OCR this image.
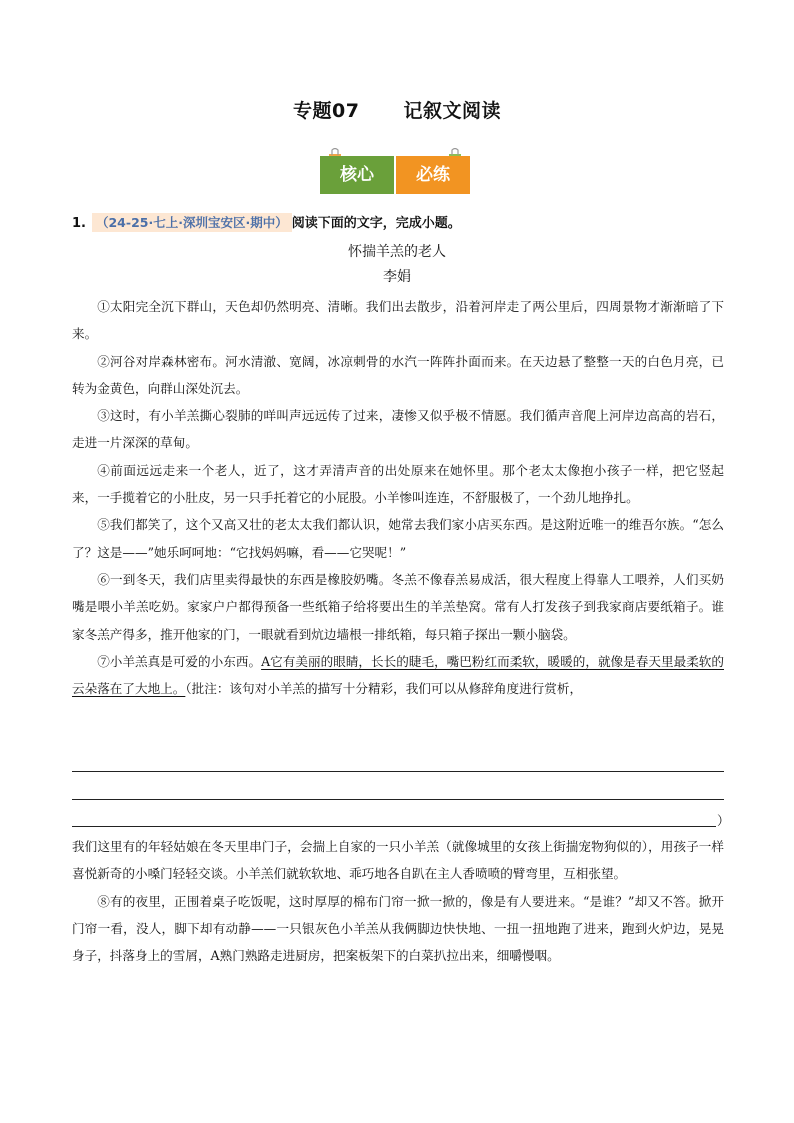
专题07 记叙文阅读
核心	必练
1. （24-25·七上·深圳宝安区·期中） 阅读下面的文字，完成小题。
怀揣羊羔的老人
李娟

①太阳完全沉下群山，天色却仍然明亮、清晰。我们出去散步，沿着河岸走了两公里后，四周景物才渐渐暗了下来。

②河谷对岸森林密布。河水清澈、宽阔，冰凉刺骨的水汽一阵阵扑面而来。在天边悬了整整一天的白色月亮，已转为金黄色，向群山深处沉去。

③这时，有小羊羔撕心裂肺的咩叫声远远传了过来，凄惨又似乎极不情愿。我们循声音爬上河岸边高高的岩石，走进一片深深的草甸。

④前面远远走来一个老人，近了，这才弄清声音的出处原来在她怀里。那个老太太像抱小孩子一样，把它竖起来，一手揽着它的小肚皮，另一只手托着它的小屁股。小羊惨叫连连，不舒服极了，一个劲儿地挣扎。

⑤我们都笑了，这个又高又壮的老太太我们都认识，她常去我们家小店买东西。是这附近唯一的维吾尔族。“怎么了？这是——”她乐呵呵地：“它找妈妈嘛，看——它哭呢！”

⑥一到冬天，我们店里卖得最快的东西是橡胶奶嘴。冬羔不像春羔易成活，很大程度上得靠人工喂养，人们买奶嘴是喂小羊羔吃奶。家家户户都得预备一些纸箱子给将要出生的羊羔垫窝。常有人打发孩子到我家商店要纸箱子。谁家冬羔产得多，推开他家的门，一眼就看到炕边墙根一排纸箱，每只箱子探出一颗小脑袋。

⑦小羊羔真是可爱的小东西。A它有美丽的眼睛，长长的睫毛，嘴巴粉红而柔软，暖暖的，就像是春天里最柔软的云朵落在了大地上。（批注：该句对小羊羔的描写十分精彩，我们可以从修辞角度进行赏析，

）

我们这里有的年轻姑娘在冬天里串门子，会揣上自家的一只小羊羔（就像城里的女孩上街揣宠物狗似的），用孩子一样喜悦新奇的小嗓门轻轻交谈。小羊羔们就软软地、乖巧地各自趴在主人香喷喷的臂弯里，互相张望。

⑧有的夜里，正围着桌子吃饭呢，这时厚厚的棉布门帘一掀一掀的，像是有人要进来。“是谁？”却又不答。掀开门帘一看，没人，脚下却有动静——一只银灰色小羊羔从我俩脚边快快地、一扭一扭地跑了进来，跑到火炉边，晃晃身子，抖落身上的雪屑，A熟门熟路走进厨房，把案板架下的白菜扒拉出来，细嚼慢咽。
